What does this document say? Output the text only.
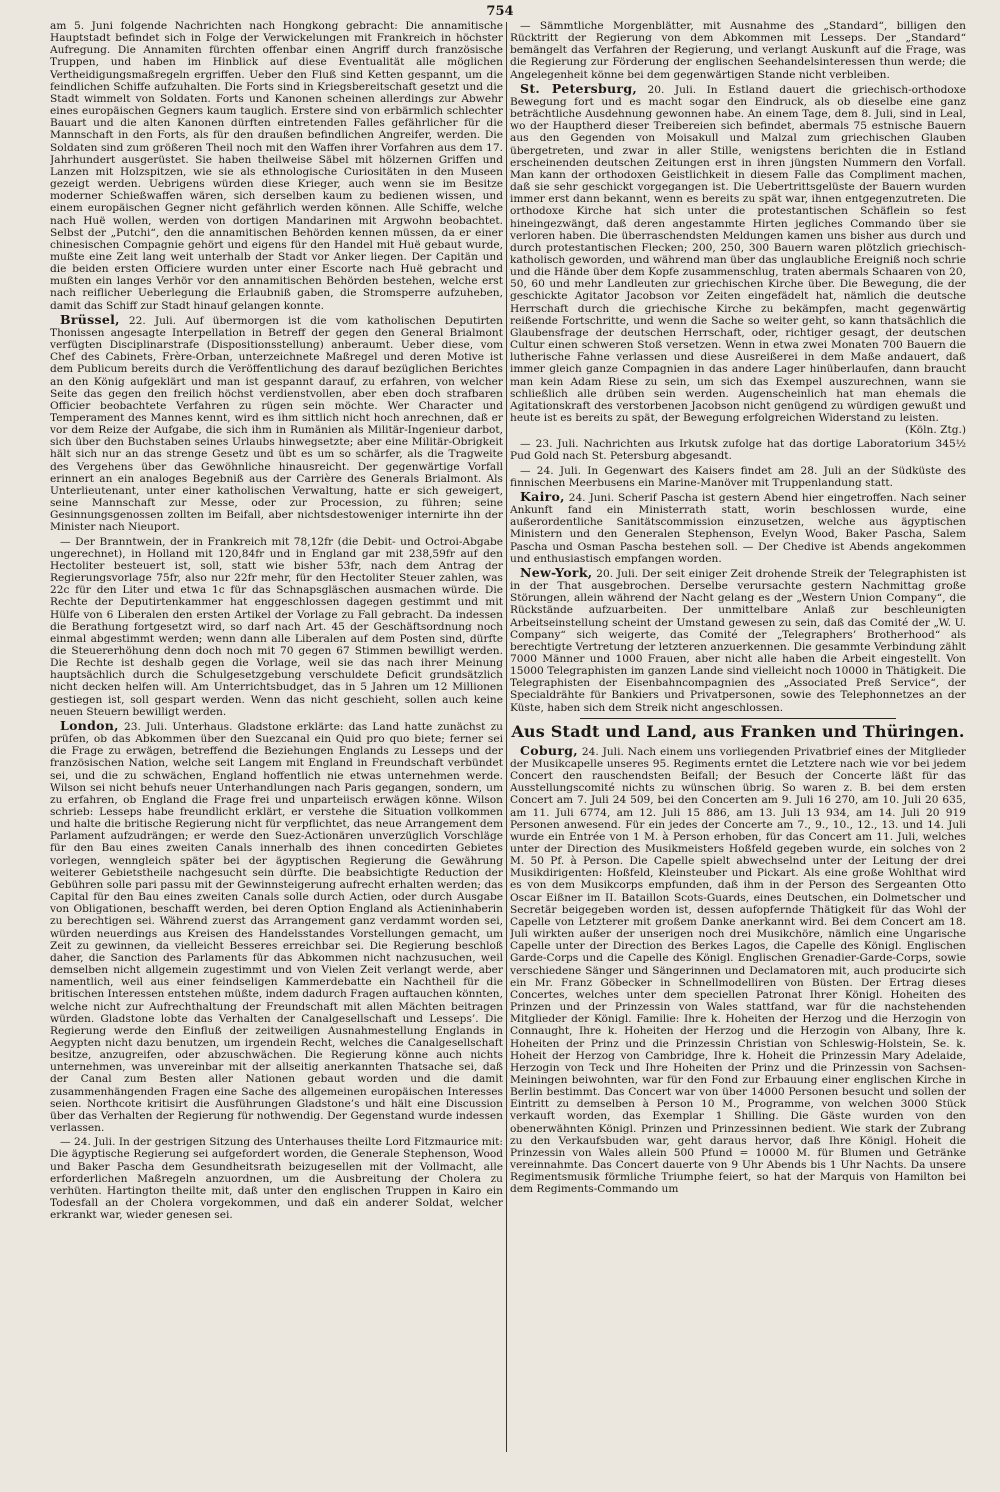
754

am 5. Juni folgende Nachrichten nach Hongkong gebracht: Die annamitische Hauptstadt befindet sich in Folge der Verwickelungen mit Frankreich in höchster Aufregung. Die Annamiten fürchten offenbar einen Angriff durch französische Truppen, und haben im Hinblick auf diese Eventualität alle möglichen Vertheidigungsmaßregeln ergriffen. Ueber den Fluß sind Ketten gespannt, um die feindlichen Schiffe aufzuhalten. Die Forts sind in Kriegsbereitschaft gesetzt und die Stadt wimmelt von Soldaten. Forts und Kanonen scheinen allerdings zur Abwehr eines europäischen Gegners kaum tauglich. Erstere sind von erbärmlich schlechter Bauart und die alten Kanonen dürften eintretenden Falles gefährlicher für die Mannschaft in den Forts, als für den draußen befindlichen Angreifer, werden. Die Soldaten sind zum größeren Theil noch mit den Waffen ihrer Vorfahren aus dem 17. Jahrhundert ausgerüstet. Sie haben theilweise Säbel mit hölzernen Griffen und Lanzen mit Holzspitzen, wie sie als ethnologische Curiositäten in den Museen gezeigt werden. Uebrigens würden diese Krieger, auch wenn sie im Besitze moderner Schießwaffen wären, sich derselben kaum zu bedienen wissen, und einem europäischen Gegner nicht gefährlich werden können. Alle Schiffe, welche nach Huë wollen, werden von dortigen Mandarinen mit Argwohn beobachtet. Selbst der „Putchi“, den die annamitischen Behörden kennen müssen, da er einer chinesischen Compagnie gehört und eigens für den Handel mit Huë gebaut wurde, mußte eine Zeit lang weit unterhalb der Stadt vor Anker liegen. Der Capitän und die beiden ersten Officiere wurden unter einer Escorte nach Huë gebracht und mußten ein langes Verhör vor den annamitischen Behörden bestehen, welche erst nach reiflicher Ueberlegung die Erlaubniß gaben, die Stromsperre aufzuheben, damit das Schiff zur Stadt hinauf gelangen konnte.

Brüssel, 22. Juli. Auf übermorgen ist die vom katholischen Deputirten Thonissen angesagte Interpellation in Betreff der gegen den General Brialmont verfügten Disciplinarstrafe (Dispositionsstellung) anberaumt. Ueber diese, vom Chef des Cabinets, Frère-Orban, unterzeichnete Maßregel und deren Motive ist dem Publicum bereits durch die Veröffentlichung des darauf bezüglichen Berichtes an den König aufgeklärt und man ist gespannt darauf, zu erfahren, von welcher Seite das gegen den freilich höchst verdienstvollen, aber eben doch strafbaren Officier beobachtete Verfahren zu rügen sein möchte. Wer Character und Temperament des Mannes kennt, wird es ihm sittlich nicht hoch anrechnen, daß er vor dem Reize der Aufgabe, die sich ihm in Rumänien als Militär-Ingenieur darbot, sich über den Buchstaben seines Urlaubs hinwegsetzte; aber eine Militär-Obrigkeit hält sich nur an das strenge Gesetz und übt es um so schärfer, als die Tragweite des Vergehens über das Gewöhnliche hinausreicht. Der gegenwärtige Vorfall erinnert an ein analoges Begebniß aus der Carrière des Generals Brialmont. Als Unterlieutenant, unter einer katholischen Verwaltung, hatte er sich geweigert, seine Mannschaft zur Messe, oder zur Procession, zu führen; seine Gesinnungsgenossen zollten im Beifall, aber nichtsdestoweniger internirte ihn der Minister nach Nieuport.

— Der Branntwein, der in Frankreich mit 78,12fr (die Debit- und Octroi-Abgabe ungerechnet), in Holland mit 120,84fr und in England gar mit 238,59fr auf den Hectoliter besteuert ist, soll, statt wie bisher 53fr, nach dem Antrag der Regierungsvorlage 75fr, also nur 22fr mehr, für den Hectoliter Steuer zahlen, was 22c für den Liter und etwa 1c für das Schnapsgläschen ausmachen würde. Die Rechte der Deputirtenkammer hat enggeschlossen dagegen gestimmt und mit Hülfe von 6 Liberalen den ersten Artikel der Vorlage zu Fall gebracht. Da indessen die Berathung fortgesetzt wird, so darf nach Art. 45 der Geschäftsordnung noch einmal abgestimmt werden; wenn dann alle Liberalen auf dem Posten sind, dürfte die Steuererhöhung denn doch noch mit 70 gegen 67 Stimmen bewilligt werden. Die Rechte ist deshalb gegen die Vorlage, weil sie das nach ihrer Meinung hauptsächlich durch die Schulgesetzgebung verschuldete Deficit grundsätzlich nicht decken helfen will. Am Unterrichtsbudget, das in 5 Jahren um 12 Millionen gestiegen ist, soll gespart werden. Wenn das nicht geschieht, sollen auch keine neuen Steuern bewilligt werden.

London, 23. Juli. Unterhaus. Gladstone erklärte: das Land hatte zunächst zu prüfen, ob das Abkommen über den Suezcanal ein Quid pro quo biete; ferner sei die Frage zu erwägen, betreffend die Beziehungen Englands zu Lesseps und der französischen Nation, welche seit Langem mit England in Freundschaft verbündet sei, und die zu schwächen, England hoffentlich nie etwas unternehmen werde. Wilson sei nicht behufs neuer Unterhandlungen nach Paris gegangen, sondern, um zu erfahren, ob England die Frage frei und unparteiisch erwägen könne. Wilson schrieb: Lesseps habe freundlicht erklärt, er verstehe die Situation vollkommen und halte die britische Regierung nicht für verpflichtet, das neue Arrangement dem Parlament aufzudrängen; er werde den Suez-Actionären unverzüglich Vorschläge für den Bau eines zweiten Canals innerhalb des ihnen concedirten Gebietes vorlegen, wenngleich später bei der ägyptischen Regierung die Gewährung weiterer Gebietstheile nachgesucht sein dürfte. Die beabsichtigte Reduction der Gebühren solle pari passu mit der Gewinnsteigerung aufrecht erhalten werden; das Capital für den Bau eines zweiten Canals solle durch Actien, oder durch Ausgabe von Obligationen, beschafft werden, bei deren Option England als Actieninhaberin zu berechtigen sei. Während zuerst das Arrangement ganz verdammt worden sei, würden neuerdings aus Kreisen des Handelsstandes Vorstellungen gemacht, um Zeit zu gewinnen, da vielleicht Besseres erreichbar sei. Die Regierung beschloß daher, die Sanction des Parlaments für das Abkommen nicht nachzusuchen, weil demselben nicht allgemein zugestimmt und von Vielen Zeit verlangt werde, aber namentlich, weil aus einer feindseligen Kammerdebatte ein Nachtheil für die britischen Interessen entstehen müßte, indem dadurch Fragen auftauchen könnten, welche nicht zur Aufrechthaltung der Freundschaft mit allen Mächten beitragen würden. Gladstone lobte das Verhalten der Canalgesellschaft und Lesseps’. Die Regierung werde den Einfluß der zeitweiligen Ausnahmestellung Englands in Aegypten nicht dazu benutzen, um irgendein Recht, welches die Canalgesellschaft besitze, anzugreifen, oder abzuschwächen. Die Regierung könne auch nichts unternehmen, was unvereinbar mit der allseitig anerkannten Thatsache sei, daß der Canal zum Besten aller Nationen gebaut worden und die damit zusammenhängenden Fragen eine Sache des allgemeinen europäischen Interesses seien. Northcote kritisirt die Ausführungen Gladstone’s und hält eine Discussion über das Verhalten der Regierung für nothwendig. Der Gegenstand wurde indessen verlassen.

— 24. Juli. In der gestrigen Sitzung des Unterhauses theilte Lord Fitzmaurice mit: Die ägyptische Regierung sei aufgefordert worden, die Generale Stephenson, Wood und Baker Pascha dem Gesundheitsrath beizugesellen mit der Vollmacht, alle erforderlichen Maßregeln anzuordnen, um die Ausbreitung der Cholera zu verhüten. Hartington theilte mit, daß unter den englischen Truppen in Kairo ein Todesfall an der Cholera vorgekommen, und daß ein anderer Soldat, welcher erkrankt war, wieder genesen sei.

— Sämmtliche Morgenblätter, mit Ausnahme des „Standard“, billigen den Rücktritt der Regierung von dem Abkommen mit Lesseps. Der „Standard“ bemängelt das Verfahren der Regierung, und verlangt Auskunft auf die Frage, was die Regierung zur Förderung der englischen Seehandelsinteressen thun werde; die Angelegenheit könne bei dem gegenwärtigen Stande nicht verbleiben.

St. Petersburg, 20. Juli. In Estland dauert die griechisch-orthodoxe Bewegung fort und es macht sogar den Eindruck, als ob dieselbe eine ganz beträchtliche Ausdehnung gewonnen habe. An einem Tage, dem 8. Juli, sind in Leal, wo der Hauptherd dieser Treibereien sich befindet, abermals 75 estnische Bauern aus den Gegenden von Moisakull und Malzal zum griechischen Glauben übergetreten, und zwar in aller Stille, wenigstens berichten die in Estland erscheinenden deutschen Zeitungen erst in ihren jüngsten Nummern den Vorfall. Man kann der orthodoxen Geistlichkeit in diesem Falle das Compliment machen, daß sie sehr geschickt vorgegangen ist. Die Uebertrittsgelüste der Bauern wurden immer erst dann bekannt, wenn es bereits zu spät war, ihnen entgegenzutreten. Die orthodoxe Kirche hat sich unter die protestantischen Schäflein so fest hineingezwängt, daß deren angestammte Hirten jegliches Commando über sie verloren haben. Die überraschendsten Meldungen kamen uns bisher aus durch und durch protestantischen Flecken; 200, 250, 300 Bauern waren plötzlich griechisch-katholisch geworden, und während man über das unglaubliche Ereigniß noch schrie und die Hände über dem Kopfe zusammenschlug, traten abermals Schaaren von 20, 50, 60 und mehr Landleuten zur griechischen Kirche über. Die Bewegung, die der geschickte Agitator Jacobson vor Zeiten eingefädelt hat, nämlich die deutsche Herrschaft durch die griechische Kirche zu bekämpfen, macht gegenwärtig reißende Fortschritte, und wenn die Sache so weiter geht, so kann thatsächlich die Glaubensfrage der deutschen Herrschaft, oder, richtiger gesagt, der deutschen Cultur einen schweren Stoß versetzen. Wenn in etwa zwei Monaten 700 Bauern die lutherische Fahne verlassen und diese Ausreißerei in dem Maße andauert, daß immer gleich ganze Compagnien in das andere Lager hinüberlaufen, dann braucht man kein Adam Riese zu sein, um sich das Exempel auszurechnen, wann sie schließlich alle drüben sein werden. Augenscheinlich hat man ehemals die Agitationskraft des verstorbenen Jacobson nicht genügend zu würdigen gewußt und heute ist es bereits zu spät, der Bewegung erfolgreichen Widerstand zu leisten.
(Köln. Ztg.)

— 23. Juli. Nachrichten aus Irkutsk zufolge hat das dortige Laboratorium 345½ Pud Gold nach St. Petersburg abgesandt.

— 24. Juli. In Gegenwart des Kaisers findet am 28. Juli an der Südküste des finnischen Meerbusens ein Marine-Manöver mit Truppenlandung statt.

Kairo, 24. Juni. Scherif Pascha ist gestern Abend hier eingetroffen. Nach seiner Ankunft fand ein Ministerrath statt, worin beschlossen wurde, eine außerordentliche Sanitätscommission einzusetzen, welche aus ägyptischen Ministern und den Generalen Stephenson, Evelyn Wood, Baker Pascha, Salem Pascha und Osman Pascha bestehen soll. — Der Chedive ist Abends angekommen und enthusiastisch empfangen worden.

New-York, 20. Juli. Der seit einiger Zeit drohende Streik der Telegraphisten ist in der That ausgebrochen. Derselbe verursachte gestern Nachmittag große Störungen, allein während der Nacht gelang es der „Western Union Company“, die Rückstände aufzuarbeiten. Der unmittelbare Anlaß zur beschleunigten Arbeitseinstellung scheint der Umstand gewesen zu sein, daß das Comité der „W. U. Company“ sich weigerte, das Comité der „Telegraphers’ Brotherhood“ als berechtigte Vertretung der letzteren anzuerkennen. Die gesammte Verbindung zählt 7000 Männer und 1000 Frauen, aber nicht alle haben die Arbeit eingestellt. Von 15000 Telegraphisten im ganzen Lande sind vielleicht noch 10000 in Thätigkeit. Die Telegraphisten der Eisenbahncompagnien des „Associated Preß Service“, der Specialdrähte für Bankiers und Privatpersonen, sowie des Telephonnetzes an der Küste, haben sich dem Streik nicht angeschlossen.

Aus Stadt und Land, aus Franken und Thüringen.

Coburg, 24. Juli. Nach einem uns vorliegenden Privatbrief eines der Mitglieder der Musikcapelle unseres 95. Regiments erntet die Letztere nach wie vor bei jedem Concert den rauschendsten Beifall; der Besuch der Concerte läßt für das Ausstellungscomité nichts zu wünschen übrig. So waren z. B. bei dem ersten Concert am 7. Juli 24 509, bei den Concerten am 9. Juli 16 270, am 10. Juli 20 635, am 11. Juli 6774, am 12. Juli 15 886, am 13. Juli 13 934, am 14. Juli 20 919 Personen anwesend. Für ein jedes der Concerte am 7., 9., 10., 12., 13. und 14. Juli wurde ein Entrée von 1 M. à Person erhoben, für das Concert am 11. Juli, welches unter der Direction des Musikmeisters Hoßfeld gegeben wurde, ein solches von 2 M. 50 Pf. à Person. Die Capelle spielt abwechselnd unter der Leitung der drei Musikdirigenten: Hoßfeld, Kleinsteuber und Pickart. Als eine große Wohlthat wird es von dem Musikcorps empfunden, daß ihm in der Person des Sergeanten Otto Oscar Eißner im II. Bataillon Scots-Guards, eines Deutschen, ein Dolmetscher und Secretär beigegeben worden ist, dessen aufopfernde Thätigkeit für das Wohl der Capelle von Letzterer mit großem Danke anerkannt wird. Bei dem Concert am 18. Juli wirkten außer der unserigen noch drei Musikchöre, nämlich eine Ungarische Capelle unter der Direction des Berkes Lagos, die Capelle des Königl. Englischen Garde-Corps und die Capelle des Königl. Englischen Grenadier-Garde-Corps, sowie verschiedene Sänger und Sängerinnen und Declamatoren mit, auch producirte sich ein Mr. Franz Göbecker in Schnellmodelliren von Büsten. Der Ertrag dieses Concertes, welches unter dem speciellen Patronat Ihrer Königl. Hoheiten des Prinzen und der Prinzessin von Wales stattfand, war für die nachstehenden Mitglieder der Königl. Familie: Ihre k. Hoheiten der Herzog und die Herzogin von Connaught, Ihre k. Hoheiten der Herzog und die Herzogin von Albany, Ihre k. Hoheiten der Prinz und die Prinzessin Christian von Schleswig-Holstein, Se. k. Hoheit der Herzog von Cambridge, Ihre k. Hoheit die Prinzessin Mary Adelaide, Herzogin von Teck und Ihre Hoheiten der Prinz und die Prinzessin von Sachsen-Meiningen beiwohnten, war für den Fond zur Erbauung einer englischen Kirche in Berlin bestimmt. Das Concert war von über 14000 Personen besucht und sollen der Eintritt zu demselben à Person 10 M., Programme, von welchen 3000 Stück verkauft worden, das Exemplar 1 Shilling. Die Gäste wurden von den obenerwähnten Königl. Prinzen und Prinzessinnen bedient. Wie stark der Zubrang zu den Verkaufsbuden war, geht daraus hervor, daß Ihre Königl. Hoheit die Prinzessin von Wales allein 500 Pfund = 10000 M. für Blumen und Getränke vereinnahmte. Das Concert dauerte von 9 Uhr Abends bis 1 Uhr Nachts. Da unsere Regimentsmusik förmliche Triumphe feiert, so hat der Marquis von Hamilton bei dem Regiments-Commando um
